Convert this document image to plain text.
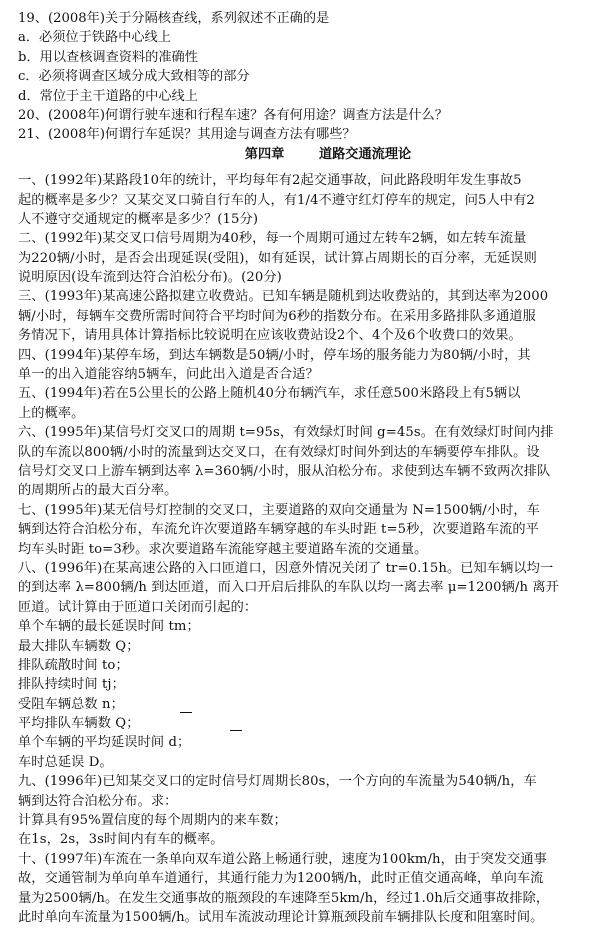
19、(2008年)关于分隔核查线，系列叙述不正确的是
a．必须位于铁路中心线上
b．用以查核调查资料的准确性
c．必须将调查区域分成大致相等的部分
d．常位于主干道路的中心线上
20、(2008年)何谓行驶车速和行程车速？各有何用途？调查方法是什么？
21、(2008年)何谓行车延误？其用途与调查方法有哪些？
第四章 道路交通流理论
一、(1992年)某路段10年的统计，平均每年有2起交通事故，问此路段明年发生事故5
起的概率是多少？又某交叉口骑自行车的人，有1/4不遵守红灯停车的规定，问5人中有2
人不遵守交通规定的概率是多少？(15分)
二、(1992年)某交叉口信号周期为40秒，每一个周期可通过左转车2辆，如左转车流量
为220辆/小时，是否会出现延误(受阻)，如有延误，试计算占周期长的百分率，无延误则
说明原因(设车流到达符合泊松分布)。(20分)
三、(1993年)某高速公路拟建立收费站。已知车辆是随机到达收费站的，其到达率为2000
辆/小时，每辆车交费所需时间符合平均时间为6秒的指数分布。在采用多路排队多通道服
务情况下，请用具体计算指标比较说明在应该收费站设2个、4个及6个收费口的效果。
四、(1994年)某停车场，到达车辆数是50辆/小时，停车场的服务能力为80辆/小时，其
单一的出入道能容纳5辆车，问此出入道是否合适？
五、(1994年)若在5公里长的公路上随机40分布辆汽车，求任意500米路段上有5辆以
上的概率。
六、(1995年)某信号灯交叉口的周期 t=95s，有效绿灯时间 g=45s。在有效绿灯时间内排
队的车流以800辆/小时的流量到达交叉口，在有效绿灯时间外到达的车辆要停车排队。设
信号灯交叉口上游车辆到达率 λ=360辆/小时，服从泊松分布。求使到达车辆不致两次排队
的周期所占的最大百分率。
七、(1995年)某无信号灯控制的交叉口，主要道路的双向交通量为 N=1500辆/小时，车
辆到达符合泊松分布，车流允许次要道路车辆穿越的车头时距 t=5秒，次要道路车流的平
均车头时距 to=3秒。求次要道路车流能穿越主要道路车流的交通量。
八、(1996年)在某高速公路的入口匝道口，因意外情况关闭了 tr=0.15h。已知车辆以均一
的到达率 λ=800辆/h 到达匝道，而入口开启后排队的车队以均一离去率 μ=1200辆/h 离开
匝道。试计算由于匝道口关闭而引起的：
单个车辆的最长延误时间 tm；
最大排队车辆数 Q；
排队疏散时间 to；
排队持续时间 tj；
受阻车辆总数 n；
平均排队车辆数 Q；
单个车辆的平均延误时间 d；
车时总延误 D。
九、(1996年)已知某交叉口的定时信号灯周期长80s，一个方向的车流量为540辆/h，车
辆到达符合泊松分布。求：
计算具有95%置信度的每个周期内的来车数；
在1s，2s，3s时间内有车的概率。
十、(1997年)车流在一条单向双车道公路上畅通行驶，速度为100km/h，由于突发交通事
故，交通管制为单向单车道通行，其通行能力为1200辆/h，此时正值交通高峰，单向车流
量为2500辆/h。在发生交通事故的瓶颈段的车速降至5km/h，经过1.0h后交通事故排除，
此时单向车流量为1500辆/h。试用车流波动理论计算瓶颈段前车辆排队长度和阻塞时间。
